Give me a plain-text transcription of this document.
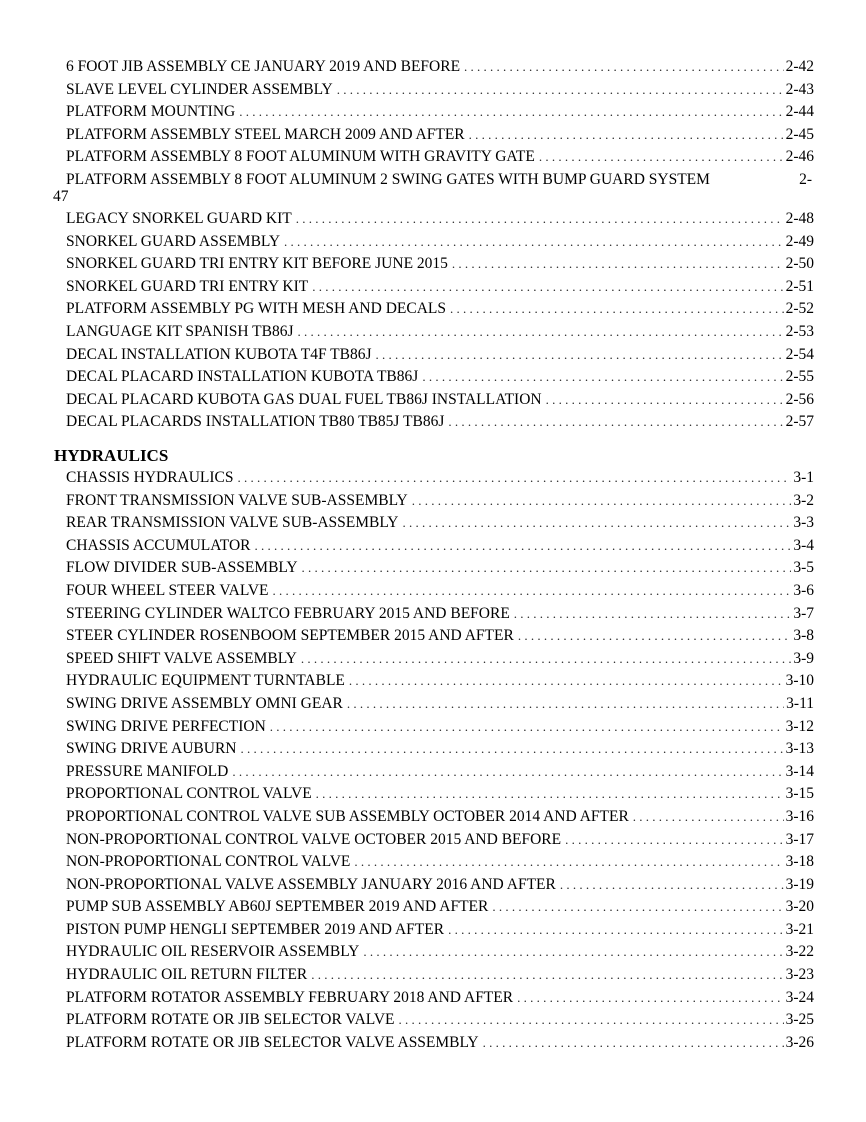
6 FOOT JIB ASSEMBLY CE JANUARY 2019 AND BEFORE . . .	2-42
SLAVE LEVEL CYLINDER ASSEMBLY . . .	2-43
PLATFORM MOUNTING . . .	2-44
PLATFORM ASSEMBLY STEEL MARCH 2009 AND AFTER . . .	2-45
PLATFORM ASSEMBLY 8 FOOT ALUMINUM WITH GRAVITY GATE . . .	2-46
PLATFORM ASSEMBLY 8 FOOT ALUMINUM 2 SWING GATES WITH BUMP GUARD SYSTEM	2-
47
LEGACY SNORKEL GUARD KIT . . .	2-48
SNORKEL GUARD ASSEMBLY . . .	2-49
SNORKEL GUARD TRI ENTRY KIT BEFORE JUNE 2015 . . .	2-50
SNORKEL GUARD TRI ENTRY KIT . . .	2-51
PLATFORM ASSEMBLY PG WITH MESH AND DECALS . . .	2-52
LANGUAGE KIT SPANISH TB86J . . .	2-53
DECAL INSTALLATION KUBOTA T4F TB86J . . .	2-54
DECAL PLACARD INSTALLATION KUBOTA TB86J . . .	2-55
DECAL PLACARD KUBOTA GAS DUAL FUEL TB86J INSTALLATION . . .	2-56
DECAL PLACARDS INSTALLATION TB80 TB85J TB86J . . .	2-57
HYDRAULICS
CHASSIS HYDRAULICS . . .	3-1
FRONT TRANSMISSION VALVE SUB-ASSEMBLY . . .	3-2
REAR TRANSMISSION VALVE SUB-ASSEMBLY . . .	3-3
CHASSIS ACCUMULATOR . . .	3-4
FLOW DIVIDER SUB-ASSEMBLY . . .	3-5
FOUR WHEEL STEER VALVE . . .	3-6
STEERING CYLINDER WALTCO FEBRUARY 2015 AND BEFORE . . .	3-7
STEER CYLINDER ROSENBOOM SEPTEMBER 2015 AND AFTER . . .	3-8
SPEED SHIFT VALVE ASSEMBLY . . .	3-9
HYDRAULIC EQUIPMENT TURNTABLE . . .	3-10
SWING DRIVE ASSEMBLY OMNI GEAR . . .	3-11
SWING DRIVE PERFECTION . . .	3-12
SWING DRIVE AUBURN . . .	3-13
PRESSURE MANIFOLD . . .	3-14
PROPORTIONAL CONTROL VALVE . . .	3-15
PROPORTIONAL CONTROL VALVE SUB ASSEMBLY OCTOBER 2014 AND AFTER . . .	3-16
NON-PROPORTIONAL CONTROL VALVE OCTOBER 2015 AND BEFORE . . .	3-17
NON-PROPORTIONAL CONTROL VALVE . . .	3-18
NON-PROPORTIONAL VALVE ASSEMBLY JANUARY 2016 AND AFTER . . .	3-19
PUMP SUB ASSEMBLY AB60J SEPTEMBER 2019 AND AFTER . . .	3-20
PISTON PUMP HENGLI SEPTEMBER 2019 AND AFTER . . .	3-21
HYDRAULIC OIL RESERVOIR ASSEMBLY . . .	3-22
HYDRAULIC OIL RETURN FILTER . . .	3-23
PLATFORM ROTATOR ASSEMBLY FEBRUARY 2018 AND AFTER . . .	3-24
PLATFORM ROTATE OR JIB SELECTOR VALVE . . .	3-25
PLATFORM ROTATE OR JIB SELECTOR VALVE ASSEMBLY . . .	3-26
